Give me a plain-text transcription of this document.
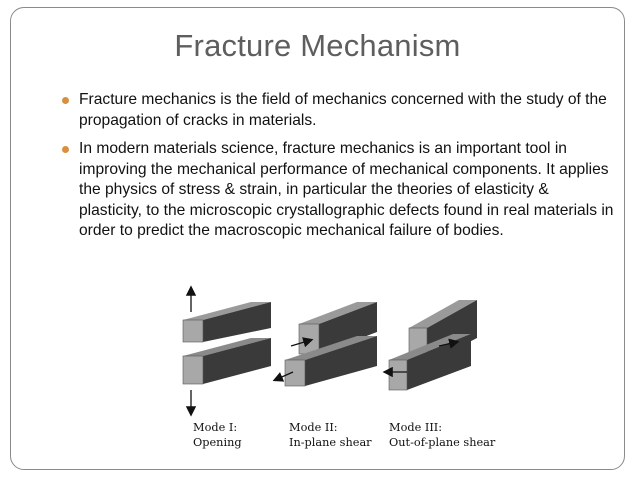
Fracture Mechanism
Fracture mechanics is the field of mechanics concerned with the study of the propagation of cracks in materials.
In modern materials science, fracture mechanics is an important tool in improving the mechanical performance of mechanical components. It applies the physics of stress & strain, in particular the theories of elasticity & plasticity, to the microscopic crystallographic defects found in real materials in order to predict the macroscopic mechanical failure of bodies.
Mode I:
Opening
Mode II:
In-plane shear
Mode III:
Out-of-plane shear
